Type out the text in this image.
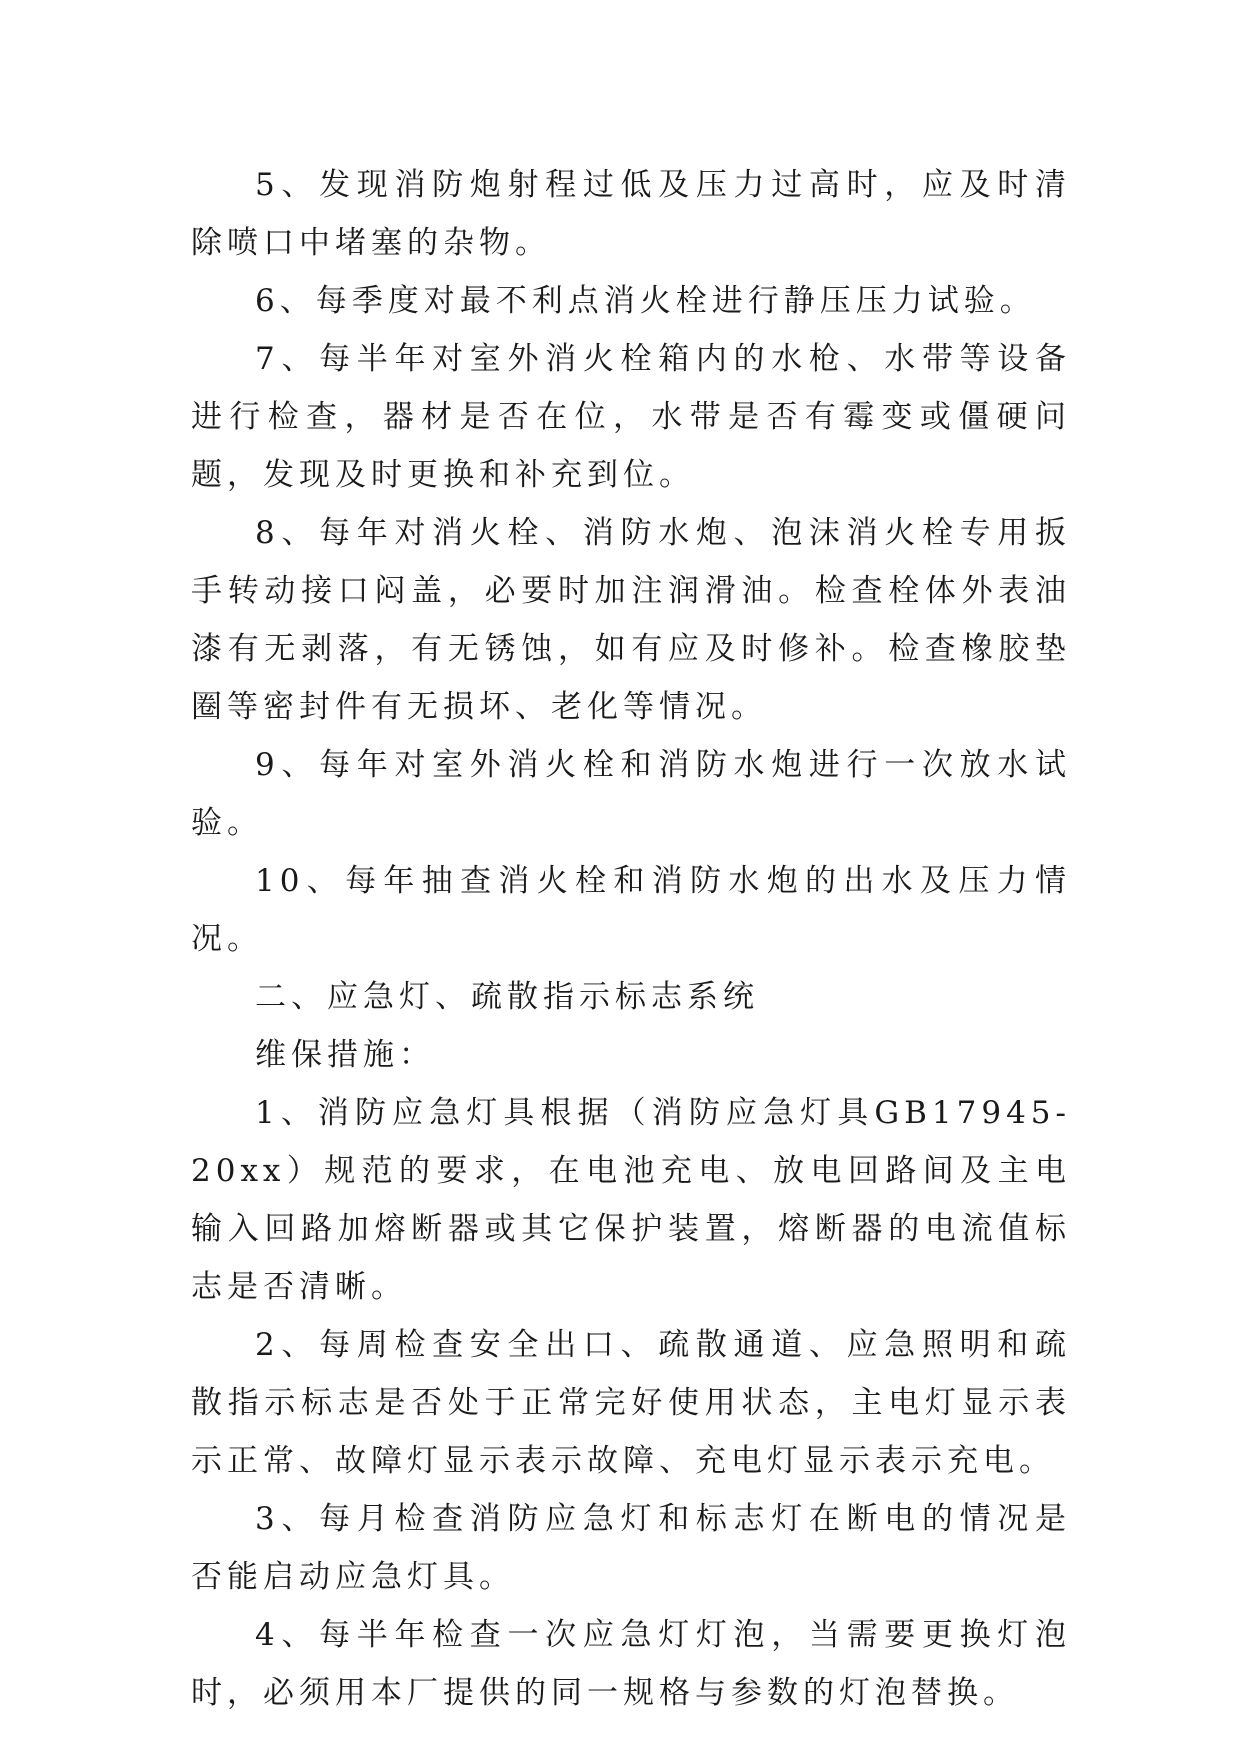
5、发现消防炮射程过低及压力过高时，应及时清除喷口中堵塞的杂物。

6、每季度对最不利点消火栓进行静压压力试验。

7、每半年对室外消火栓箱内的水枪、水带等设备进行检查，器材是否在位，水带是否有霉变或僵硬问题，发现及时更换和补充到位。

8、每年对消火栓、消防水炮、泡沫消火栓专用扳手转动接口闷盖，必要时加注润滑油。检查栓体外表油漆有无剥落，有无锈蚀，如有应及时修补。检查橡胶垫圈等密封件有无损坏、老化等情况。

9、每年对室外消火栓和消防水炮进行一次放水试验。

10、每年抽查消火栓和消防水炮的出水及压力情况。

二、应急灯、疏散指示标志系统

维保措施：

1、消防应急灯具根据（消防应急灯具GB17945-20xx）规范的要求，在电池充电、放电回路间及主电输入回路加熔断器或其它保护装置，熔断器的电流值标志是否清晰。

2、每周检查安全出口、疏散通道、应急照明和疏散指示标志是否处于正常完好使用状态，主电灯显示表示正常、故障灯显示表示故障、充电灯显示表示充电。

3、每月检查消防应急灯和标志灯在断电的情况是否能启动应急灯具。

4、每半年检查一次应急灯灯泡，当需要更换灯泡时，必须用本厂提供的同一规格与参数的灯泡替换。
